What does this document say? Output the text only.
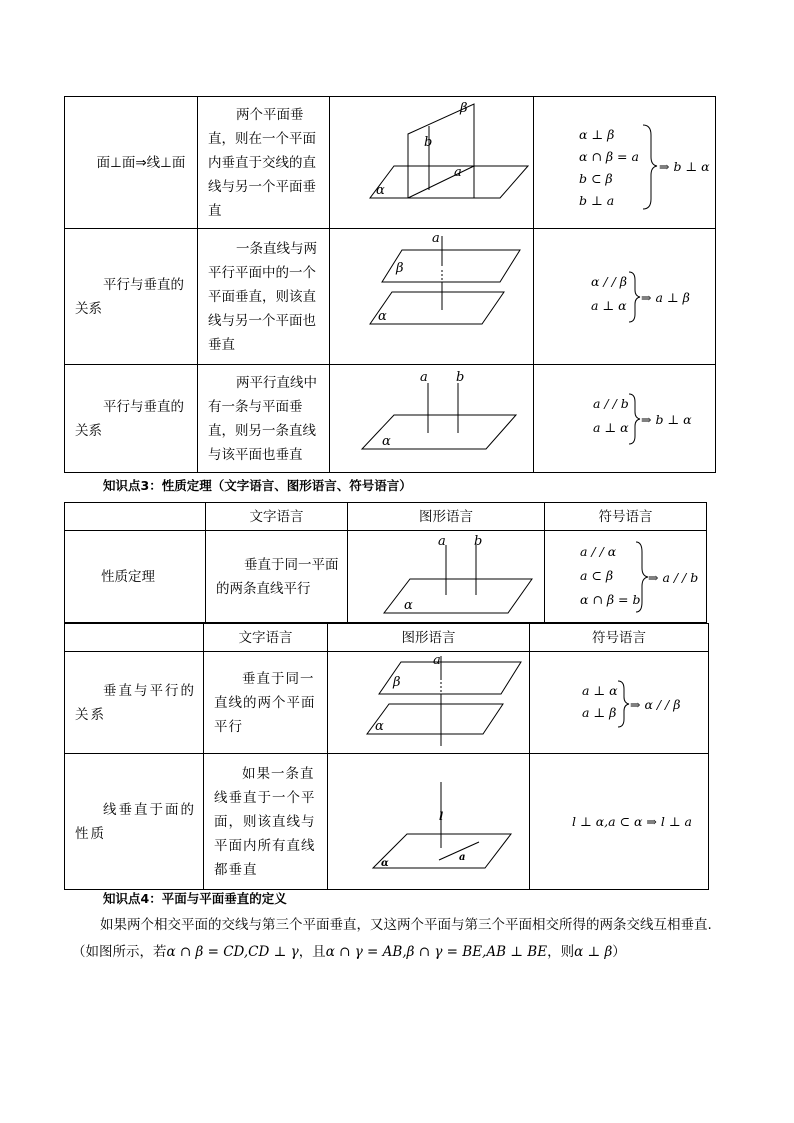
面⊥面⇒线⊥面	两个平面垂直，则在一个平面内垂直于交线的直线与另一个平面垂直	β
b
a
α	α ⊥ β
α ∩ β = a
b ⊂ β
b ⊥ a
⇒ b ⊥ α

平行与垂直的关系	一条直线与两平行平面中的一个平面垂直，则该直线与另一个平面也垂直	a
β
α	α / / β
a ⊥ α
⇒ a ⊥ β

平行与垂直的关系	两平行直线中有一条与平面垂直，则另一条直线与该平面也垂直	a b
α	a / / b
a ⊥ α
⇒ b ⊥ α
知识点3：性质定理（文字语言、图形语言、符号语言）
	文字语言	图形语言	符号语言

性质定理	垂直于同一平面的两条直线平行	a b
α	a / / α
a ⊂ β
α ∩ β = b
⇒ a / / b
	文字语言	图形语言	符号语言

垂直与平行的关系	垂直于同一直线的两个平面平行	a
β
α	a ⊥ α
a ⊥ β
⇒ α / / β

线垂直于面的性质	如果一条直线垂直于一个平面，则该直线与平面内所有直线都垂直	l
a
α	l ⊥ α,a ⊂ α ⇒ l ⊥ a
知识点4：平面与平面垂直的定义
如果两个相交平面的交线与第三个平面垂直，又这两个平面与第三个平面相交所得的两条交线互相垂直.（如图所示，若α ∩ β = CD,CD ⊥ γ，且α ∩ γ = AB,β ∩ γ = BE,AB ⊥ BE，则α ⊥ β）
